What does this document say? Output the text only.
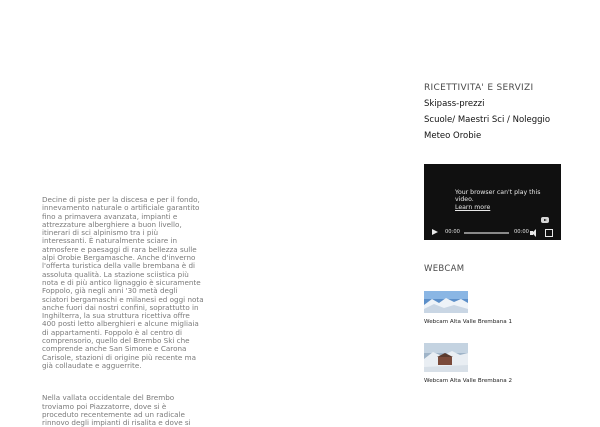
Decine di piste per la discesa e per il fondo, innevamento naturale o artificiale garantito fino a primavera avanzata, impianti e attrezzature alberghiere a buon livello, itinerari di sci alpinismo tra i più interessanti. È naturalmente sciare in atmosfere e paesaggi di rara bellezza sulle alpi Orobie Bergamasche. Anche d'inverno l'offerta turistica della valle brembana è di assoluta qualità. La stazione sciistica più nota e di più antico lignaggio è sicuramente Foppolo, già negli anni '30 metà degli sciatori bergamaschi e milanesi ed oggi nota anche fuori dai nostri confini, soprattutto in Inghilterra, la sua struttura ricettiva offre 400 posti letto alberghieri e alcune migliaia di appartamenti. Foppolo è al centro di comprensorio, quello del Brembo Ski che comprende anche San Simone e Carona Carisole, stazioni di origine più recente ma già collaudate e agguerrite.

Nella vallata occidentale del Brembo troviamo poi Piazzatorre, dove si è proceduto recentemente ad un radicale rinnovo degli impianti di risalita e dove si

RICETTIVITA' E SERVIZI
Skipass-prezzi
Scuole/ Maestri Sci / Noleggio
Meteo Orobie
Your browser can't play this video.
Learn more
00:00	00:00
WEBCAM
Webcam Alta Valle Brembana 1
Webcam Alta Valle Brembana 2
